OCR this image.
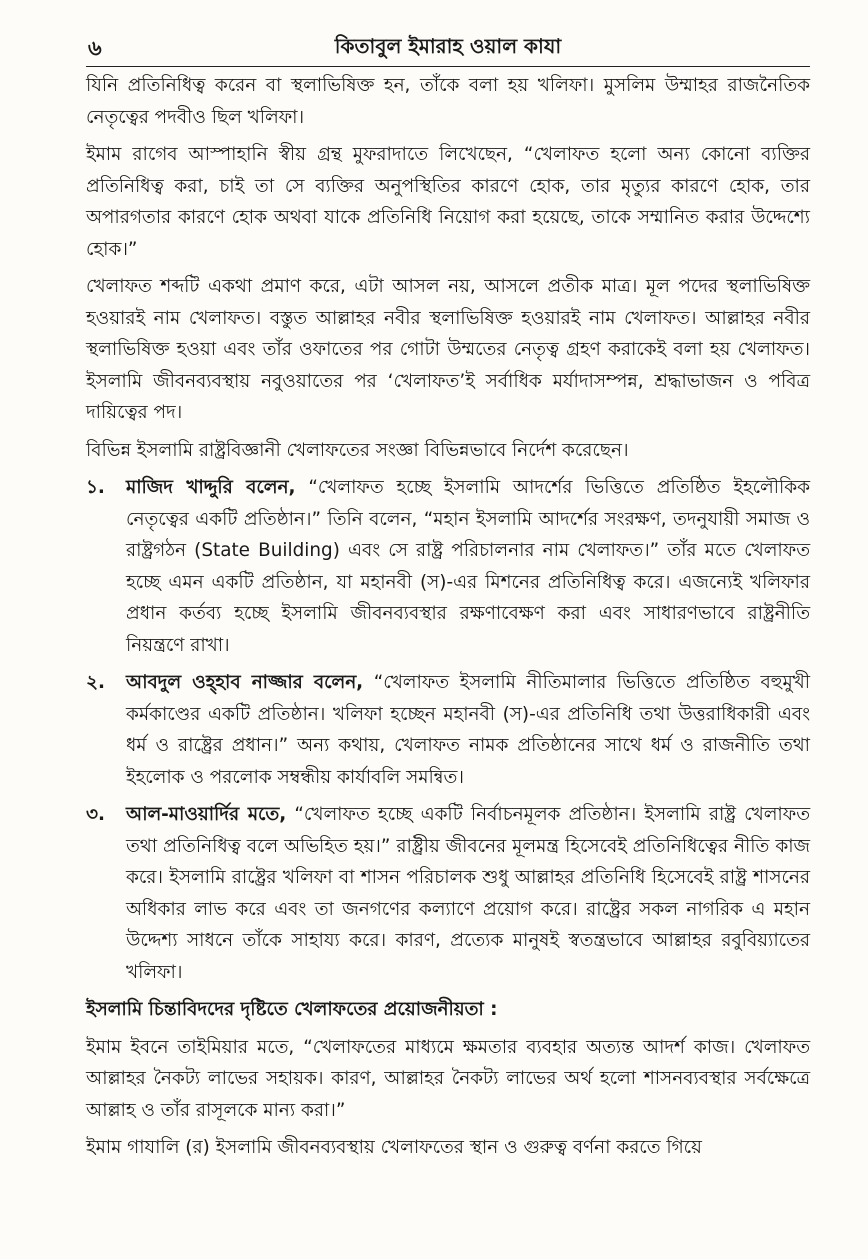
৬	কিতাবুল ইমারাহ ওয়াল কাযা

যিনি প্রতিনিধিত্ব করেন বা স্থলাভিষিক্ত হন, তাঁকে বলা হয় খলিফা। মুসলিম উম্মাহর রাজনৈতিক নেতৃত্বের পদবীও ছিল খলিফা।

ইমাম রাগেব আস্পাহানি স্বীয় গ্রন্থ মুফরাদাতে লিখেছেন, “খেলাফত হলো অন্য কোনো ব্যক্তির প্রতিনিধিত্ব করা, চাই তা সে ব্যক্তির অনুপস্থিতির কারণে হোক, তার মৃত্যুর কারণে হোক, তার অপারগতার কারণে হোক অথবা যাকে প্রতিনিধি নিয়োগ করা হয়েছে, তাকে সম্মানিত করার উদ্দেশ্যে হোক।”

খেলাফত শব্দটি একথা প্রমাণ করে, এটা আসল নয়, আসলে প্রতীক মাত্র। মূল পদের স্থলাভিষিক্ত হওয়ারই নাম খেলাফত। বস্তুত আল্লাহর নবীর স্থলাভিষিক্ত হওয়ারই নাম খেলাফত। আল্লাহর নবীর স্থলাভিষিক্ত হওয়া এবং তাঁর ওফাতের পর গোটা উম্মতের নেতৃত্ব গ্রহণ করাকেই বলা হয় খেলাফত। ইসলামি জীবনব্যবস্থায় নবুওয়াতের পর ‘খেলাফত’ই সর্বাধিক মর্যাদাসম্পন্ন, শ্রদ্ধাভাজন ও পবিত্র দায়িত্বের পদ।

বিভিন্ন ইসলামি রাষ্ট্রবিজ্ঞানী খেলাফতের সংজ্ঞা বিভিন্নভাবে নির্দেশ করেছেন।

১. মাজিদ খাদ্দুরি বলেন, “খেলাফত হচ্ছে ইসলামি আদর্শের ভিত্তিতে প্রতিষ্ঠিত ইহলৌকিক নেতৃত্বের একটি প্রতিষ্ঠান।” তিনি বলেন, “মহান ইসলামি আদর্শের সংরক্ষণ, তদনুযায়ী সমাজ ও রাষ্ট্রগঠন (State Building) এবং সে রাষ্ট্র পরিচালনার নাম খেলাফত।” তাঁর মতে খেলাফত হচ্ছে এমন একটি প্রতিষ্ঠান, যা মহানবী (স)-এর মিশনের প্রতিনিধিত্ব করে। এজন্যেই খলিফার প্রধান কর্তব্য হচ্ছে ইসলামি জীবনব্যবস্থার রক্ষণাবেক্ষণ করা এবং সাধারণভাবে রাষ্ট্রনীতি নিয়ন্ত্রণে রাখা।
২. আবদুল ওহ্হাব নাজ্জার বলেন, “খেলাফত ইসলামি নীতিমালার ভিত্তিতে প্রতিষ্ঠিত বহুমুখী কর্মকাণ্ডের একটি প্রতিষ্ঠান। খলিফা হচ্ছেন মহানবী (স)-এর প্রতিনিধি তথা উত্তরাধিকারী এবং ধর্ম ও রাষ্ট্রের প্রধান।” অন্য কথায়, খেলাফত নামক প্রতিষ্ঠানের সাথে ধর্ম ও রাজনীতি তথা ইহলোক ও পরলোক সম্বন্ধীয় কার্যাবলি সমন্বিত।
৩. আল-মাওয়ার্দির মতে, “খেলাফত হচ্ছে একটি নির্বাচনমূলক প্রতিষ্ঠান। ইসলামি রাষ্ট্র খেলাফত তথা প্রতিনিধিত্ব বলে অভিহিত হয়।” রাষ্ট্রীয় জীবনের মূলমন্ত্র হিসেবেই প্রতিনিধিত্বের নীতি কাজ করে। ইসলামি রাষ্ট্রের খলিফা বা শাসন পরিচালক শুধু আল্লাহর প্রতিনিধি হিসেবেই রাষ্ট্র শাসনের অধিকার লাভ করে এবং তা জনগণের কল্যাণে প্রয়োগ করে। রাষ্ট্রের সকল নাগরিক এ মহান উদ্দেশ্য সাধনে তাঁকে সাহায্য করে। কারণ, প্রত্যেক মানুষই স্বতন্ত্রভাবে আল্লাহর রবুবিয়্যাতের খলিফা।

ইসলামি চিন্তাবিদদের দৃষ্টিতে খেলাফতের প্রয়োজনীয়তা :

ইমাম ইবনে তাইমিয়ার মতে, “খেলাফতের মাধ্যমে ক্ষমতার ব্যবহার অত্যন্ত আদর্শ কাজ। খেলাফত আল্লাহর নৈকট্য লাভের সহায়ক। কারণ, আল্লাহর নৈকট্য লাভের অর্থ হলো শাসনব্যবস্থার সর্বক্ষেত্রে আল্লাহ ও তাঁর রাসূলকে মান্য করা।”

ইমাম গাযালি (র) ইসলামি জীবনব্যবস্থায় খেলাফতের স্থান ও গুরুত্ব বর্ণনা করতে গিয়ে
